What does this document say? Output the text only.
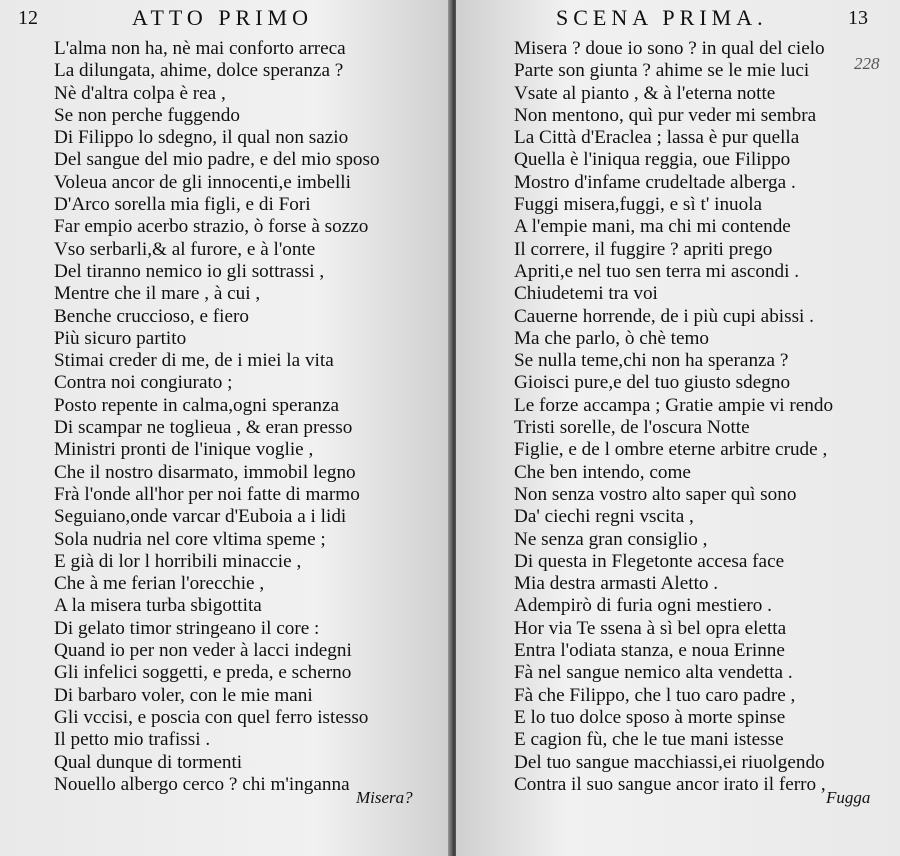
12	ATTO PRIMO
L'alma non ha, nè mai conforto arreca
La dilungata, ahime, dolce speranza ?
Nè d'altra colpa è rea ,
Se non perche fuggendo
Di Filippo lo sdegno, il qual non sazio
Del sangue del mio padre, e del mio sposo
Voleua ancor de gli innocenti,e imbelli
D'Arco sorella mia figli, e di Fori
Far empio acerbo strazio, ò forse à sozzo
Vso serbarli,& al furore, e à l'onte
Del tiranno nemico io gli sottrassi ,
Mentre che il mare , à cui ,
Benche cruccioso, e fiero
Più sicuro partito
Stimai creder di me, de i miei la vita
Contra noi congiurato ;
Posto repente in calma,ogni speranza
Di scampar ne toglieua , & eran presso
Ministri pronti de l'inique voglie ,
Che il nostro disarmato, immobil legno
Frà l'onde all'hor per noi fatte di marmo
Seguiano,onde varcar d'Euboia a i lidi
Sola nudria nel core vltima speme ;
E già di lor l horribili minaccie ,
Che à me ferian l'orecchie ,
A la misera turba sbigottita
Di gelato timor stringeano il core :
Quand io per non veder à lacci indegni
Gli infelici soggetti, e preda, e scherno
Di barbaro voler, con le mie mani
Gli vccisi, e poscia con quel ferro istesso
Il petto mio trafissi .
Qual dunque di tormenti
Nouello albergo cerco ? chi m'inganna
Misera?
SCENA PRIMA.	13
228
Misera ? doue io sono ? in qual del cielo
Parte son giunta ? ahime se le mie luci
Vsate al pianto , & à l'eterna notte
Non mentono, quì pur veder mi sembra
La Città d'Eraclea ; lassa è pur quella
Quella è l'iniqua reggia, oue Filippo
Mostro d'infame crudeltade alberga .
Fuggi misera,fuggi, e sì t' inuola
A l'empie mani, ma chi mi contende
Il correre, il fuggire ? apriti prego
Apriti,e nel tuo sen terra mi ascondi .
Chiudetemi tra voi
Cauerne horrende, de i più cupi abissi .
Ma che parlo, ò chè temo
Se nulla teme,chi non ha speranza ?
Gioisci pure,e del tuo giusto sdegno
Le forze accampa ; Gratie ampie vi rendo
Tristi sorelle, de l'oscura Notte
Figlie, e de l ombre eterne arbitre crude ,
Che ben intendo, come
Non senza vostro alto saper quì sono
Da' ciechi regni vscita ,
Ne senza gran consiglio ,
Di questa in Flegetonte accesa face
Mia destra armasti Aletto .
Adempirò di furia ogni mestiero .
Hor via Te ssena à sì bel opra eletta
Entra l'odiata stanza, e noua Erinne
Fà nel sangue nemico alta vendetta .
Fà che Filippo, che l tuo caro padre ,
E lo tuo dolce sposo à morte spinse
E cagion fù, che le tue mani istesse
Del tuo sangue macchiassi,ei riuolgendo
Contra il suo sangue ancor irato il ferro ,
Fugga
